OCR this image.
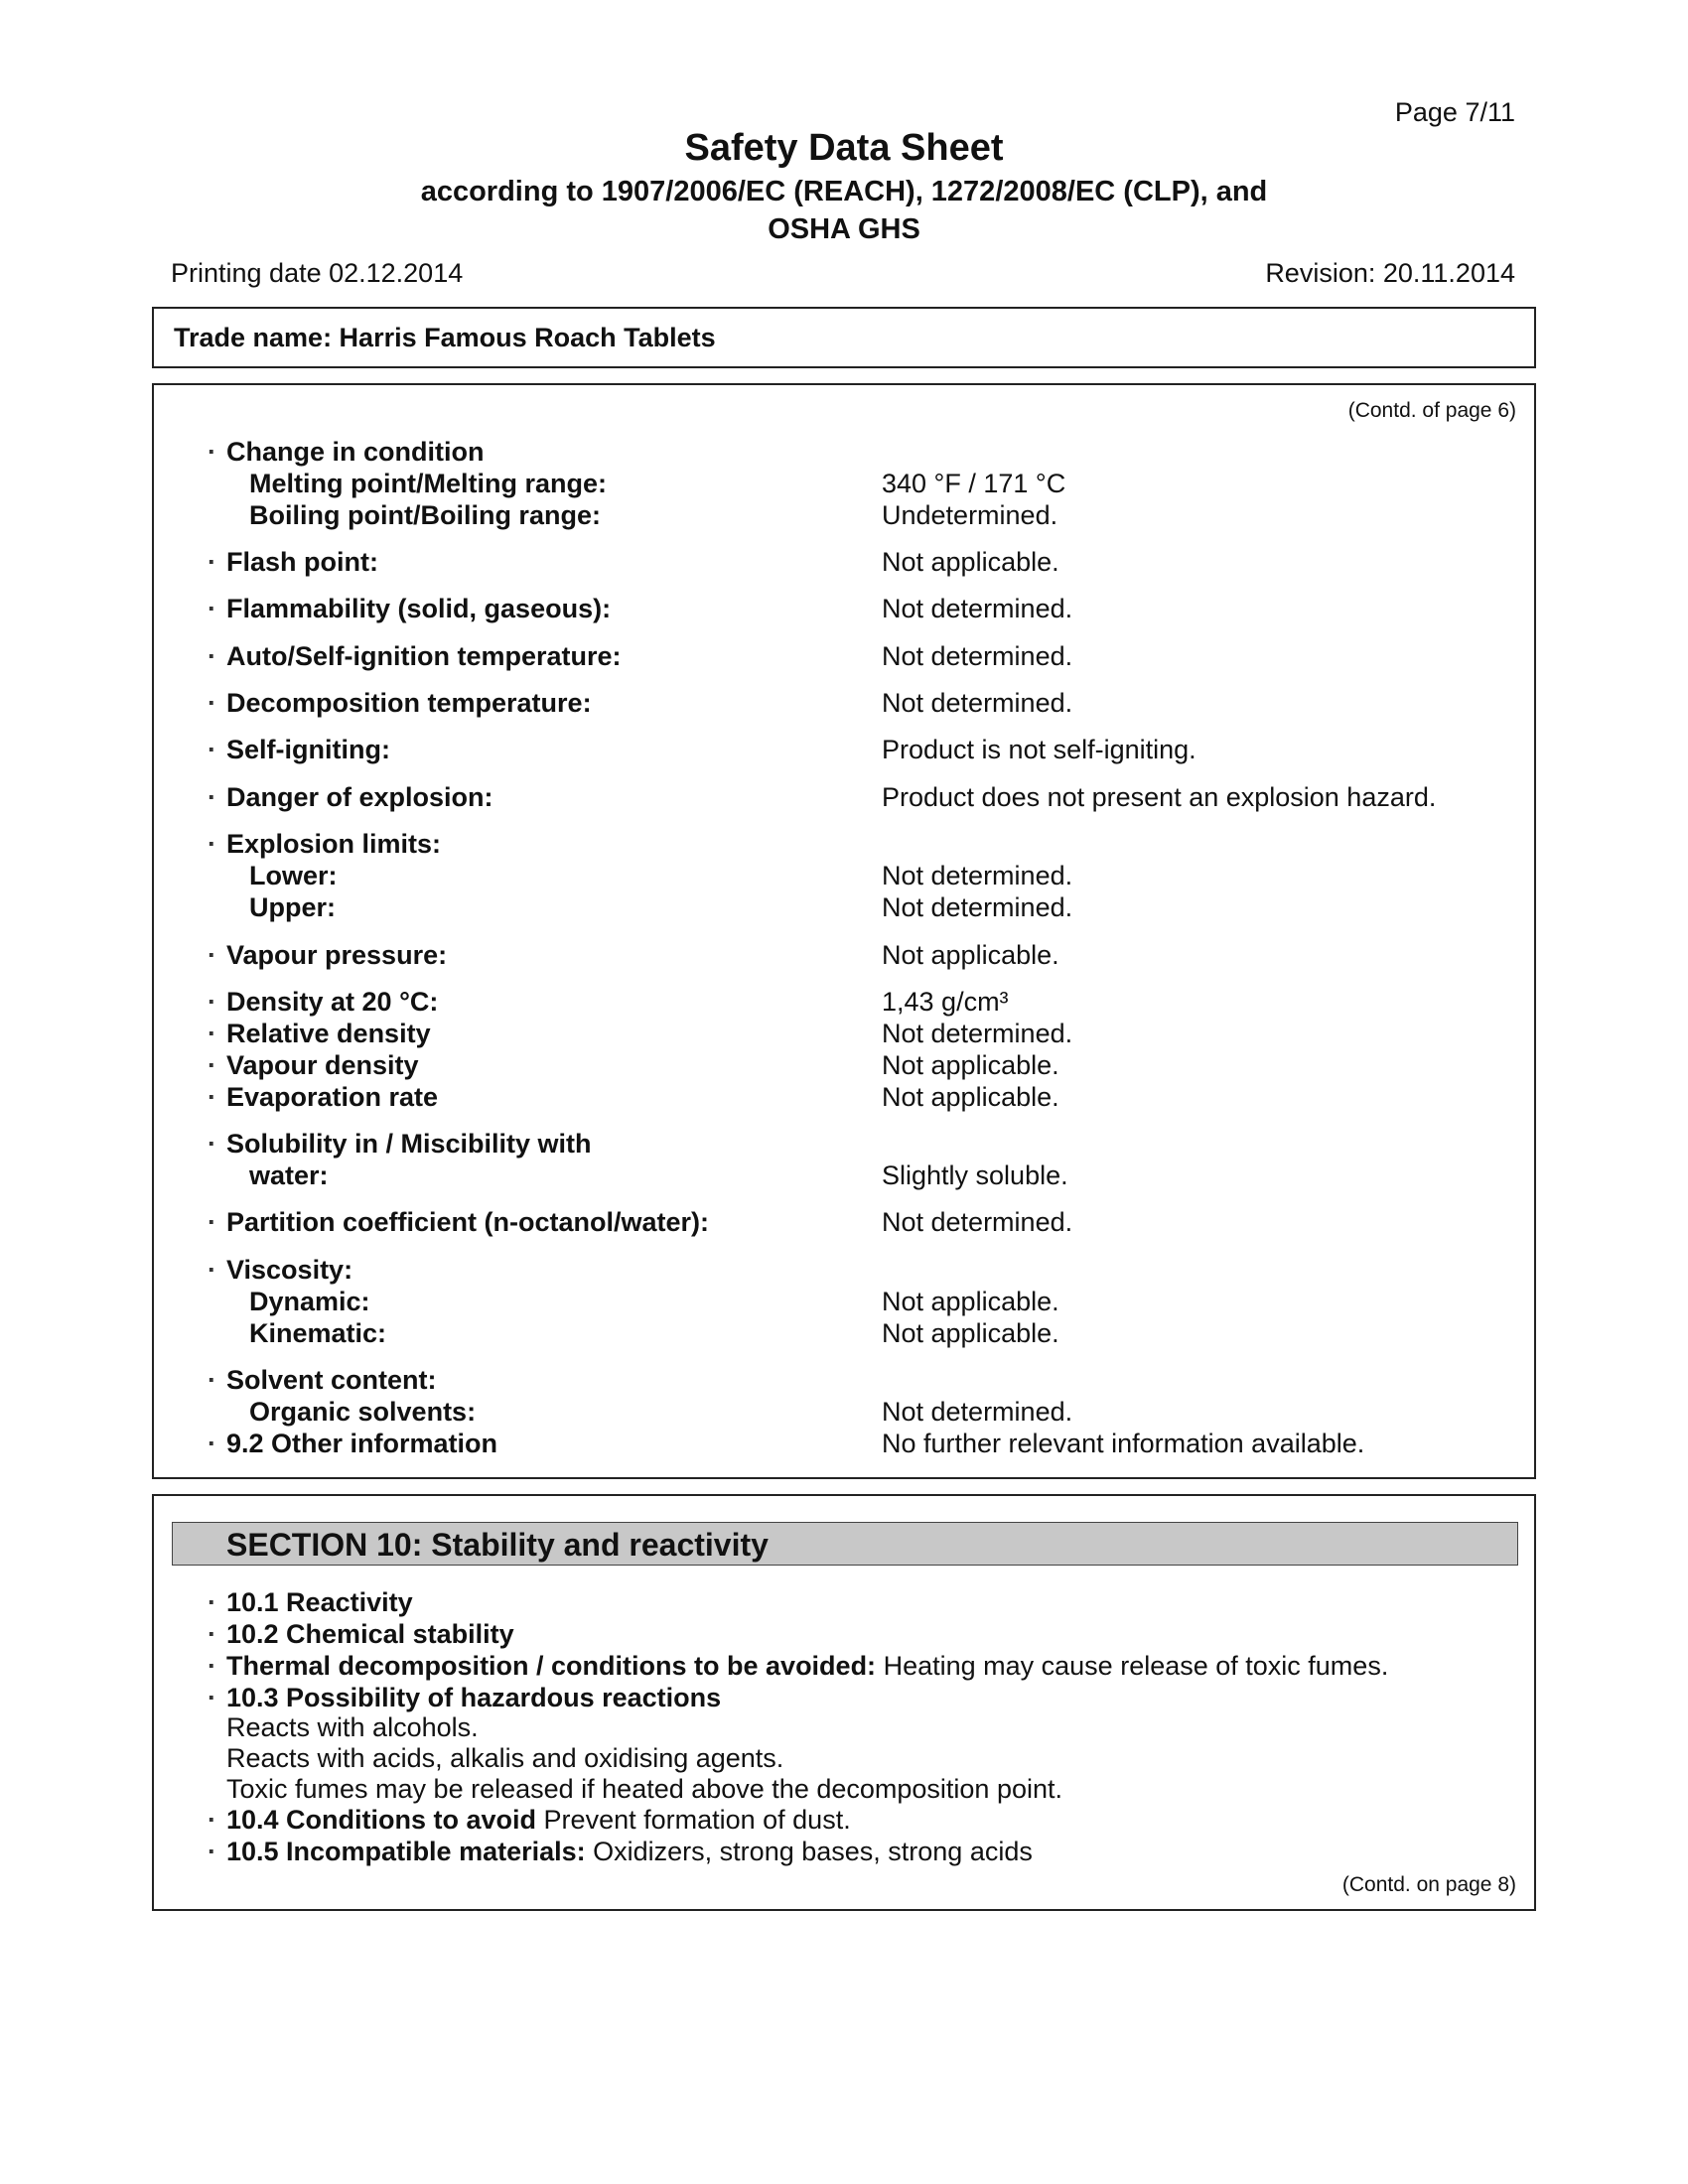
Page 7/11
Safety Data Sheet
according to 1907/2006/EC (REACH), 1272/2008/EC (CLP), and
OSHA GHS
Printing date 02.12.2014	Revision: 20.11.2014
Trade name: Harris Famous Roach Tablets
(Contd. of page 6)
· Change in condition
Melting point/Melting range:	340 °F / 171 °C
Boiling point/Boiling range:	Undetermined.
· Flash point:	Not applicable.
· Flammability (solid, gaseous):	Not determined.
· Auto/Self-ignition temperature:	Not determined.
· Decomposition temperature:	Not determined.
· Self-igniting:	Product is not self-igniting.
· Danger of explosion:	Product does not present an explosion hazard.
· Explosion limits:
Lower:	Not determined.
Upper:	Not determined.
· Vapour pressure:	Not applicable.
· Density at 20 °C:	1,43 g/cm³
· Relative density	Not determined.
· Vapour density	Not applicable.
· Evaporation rate	Not applicable.
· Solubility in / Miscibility with
water:	Slightly soluble.
· Partition coefficient (n-octanol/water):	Not determined.
· Viscosity:
Dynamic:	Not applicable.
Kinematic:	Not applicable.
· Solvent content:
Organic solvents:	Not determined.
· 9.2 Other information	No further relevant information available.
SECTION 10: Stability and reactivity
· 10.1 Reactivity
· 10.2 Chemical stability
· Thermal decomposition / conditions to be avoided: Heating may cause release of toxic fumes.
· 10.3 Possibility of hazardous reactions
Reacts with alcohols.
Reacts with acids, alkalis and oxidising agents.
Toxic fumes may be released if heated above the decomposition point.
· 10.4 Conditions to avoid Prevent formation of dust.
· 10.5 Incompatible materials: Oxidizers, strong bases, strong acids
(Contd. on page 8)
